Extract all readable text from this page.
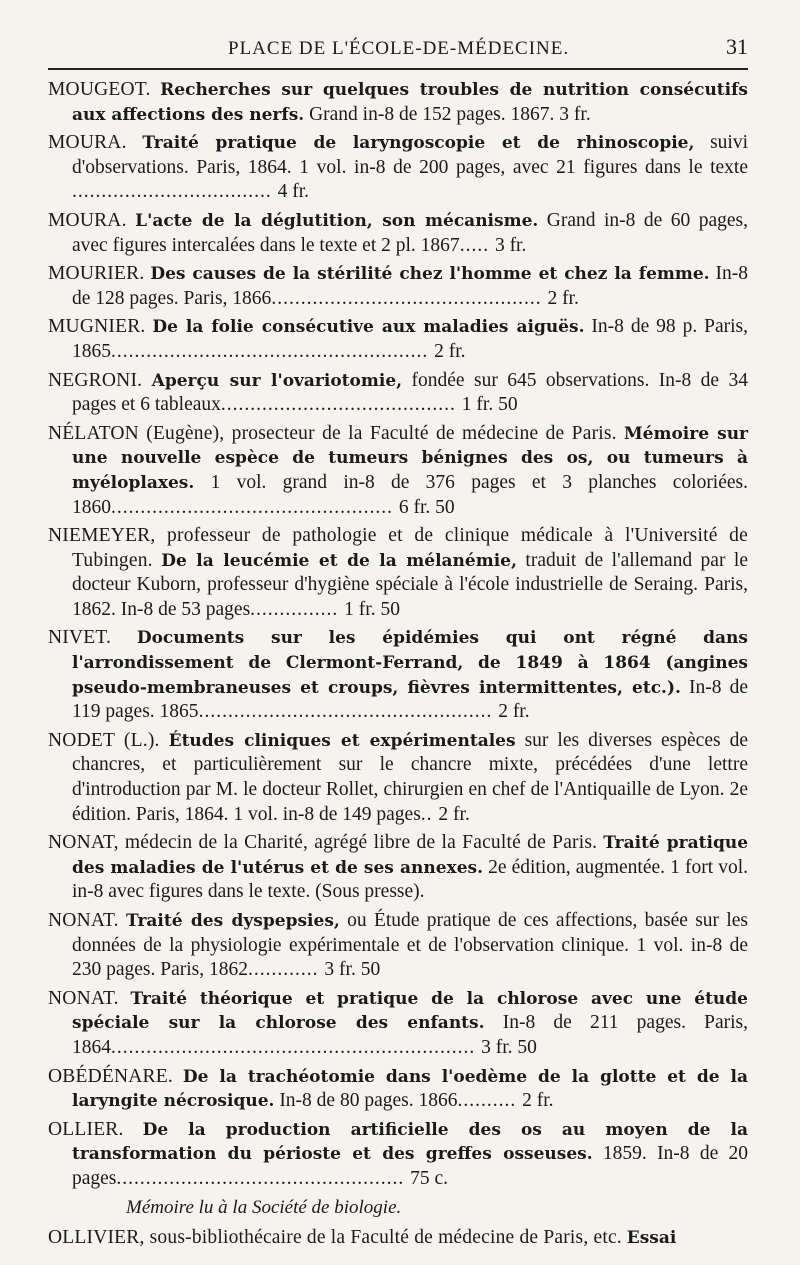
PLACE DE L'ÉCOLE-DE-MÉDECINE.	31

MOUGEOT. Recherches sur quelques troubles de nutrition consécutifs aux affections des nerfs. Grand in-8 de 152 pages. 1867. 3 fr.

MOURA. Traité pratique de laryngoscopie et de rhinoscopie, suivi d'observations. Paris, 1864. 1 vol. in-8 de 200 pages, avec 21 figures dans le texte .................................. 4 fr.

MOURA. L'acte de la déglutition, son mécanisme. Grand in-8 de 60 pages, avec figures intercalées dans le texte et 2 pl. 1867..... 3 fr.

MOURIER. Des causes de la stérilité chez l'homme et chez la femme. In-8 de 128 pages. Paris, 1866.............................................. 2 fr.

MUGNIER. De la folie consécutive aux maladies aiguës. In-8 de 98 p. Paris, 1865...................................................... 2 fr.

NEGRONI. Aperçu sur l'ovariotomie, fondée sur 645 observations. In-8 de 34 pages et 6 tableaux........................................ 1 fr. 50

NÉLATON (Eugène), prosecteur de la Faculté de médecine de Paris. Mémoire sur une nouvelle espèce de tumeurs bénignes des os, ou tumeurs à myéloplaxes. 1 vol. grand in-8 de 376 pages et 3 planches coloriées. 1860................................................ 6 fr. 50

NIEMEYER, professeur de pathologie et de clinique médicale à l'Université de Tubingen. De la leucémie et de la mélanémie, traduit de l'allemand par le docteur Kuborn, professeur d'hygiène spéciale à l'école industrielle de Seraing. Paris, 1862. In-8 de 53 pages............... 1 fr. 50

NIVET. Documents sur les épidémies qui ont régné dans l'arrondissement de Clermont-Ferrand, de 1849 à 1864 (angines pseudo-membraneuses et croups, fièvres intermittentes, etc.). In-8 de 119 pages. 1865.................................................. 2 fr.

NODET (L.). Études cliniques et expérimentales sur les diverses espèces de chancres, et particulièrement sur le chancre mixte, précédées d'une lettre d'introduction par M. le docteur Rollet, chirurgien en chef de l'Antiquaille de Lyon. 2e édition. Paris, 1864. 1 vol. in-8 de 149 pages.. 2 fr.

NONAT, médecin de la Charité, agrégé libre de la Faculté de Paris. Traité pratique des maladies de l'utérus et de ses annexes. 2e édition, augmentée. 1 fort vol. in-8 avec figures dans le texte. (Sous presse).

NONAT. Traité des dyspepsies, ou Étude pratique de ces affections, basée sur les données de la physiologie expérimentale et de l'observation clinique. 1 vol. in-8 de 230 pages. Paris, 1862............ 3 fr. 50

NONAT. Traité théorique et pratique de la chlorose avec une étude spéciale sur la chlorose des enfants. In-8 de 211 pages. Paris, 1864.............................................................. 3 fr. 50

OBÉDÉNARE. De la trachéotomie dans l'oedème de la glotte et de la laryngite nécrosique. In-8 de 80 pages. 1866.......... 2 fr.

OLLIER. De la production artificielle des os au moyen de la transformation du périoste et des greffes osseuses. 1859. In-8 de 20 pages................................................. 75 c.

Mémoire lu à la Société de biologie.

OLLIVIER, sous-bibliothécaire de la Faculté de médecine de Paris, etc. Essai
